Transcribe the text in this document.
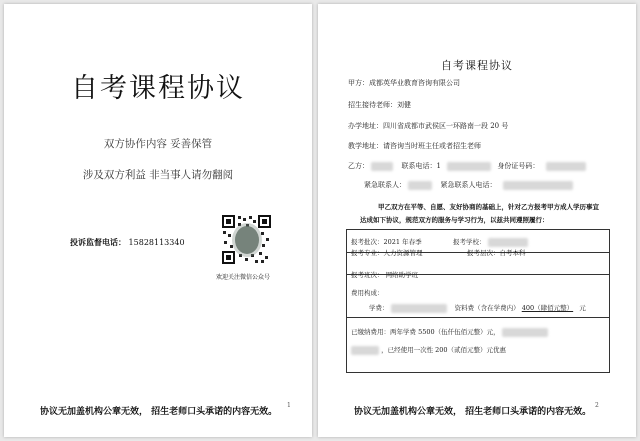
自考课程协议
双方协作内容 妥善保管
涉及双方利益 非当事人请勿翻阅
投诉监督电话： 15828113340
欢迎关注微信公众号
协议无加盖机构公章无效， 招生老师口头承诺的内容无效。
1
自考课程协议
甲方：成都英华业教育咨询有限公司
招生接待老师：刘健
办学地址：四川省成都市武侯区一环路南一段 20 号
教学地址：请咨询当时班主任或者招生老师
乙方：	联系电话：1	身份证号码：
紧急联系人：	紧急联系人电话：
甲乙双方在平等、自愿、友好协商的基础上，针对乙方报考甲方成人学历事宜达成如下协议，规范双方的服务与学习行为，以兹共同遵照履行：
报考批次：2021 年春季	报考学校：
报考专业：人力资源管理	报考层次：自考本科
报考班次： 网络助学班
费用构成：
学费：	资料费（含在学费内） 400（肆佰元整） 元
已缴纳费用：两年学费 5500（伍仟伍佰元整）元，
，已经使用一次性 200（贰佰元整）元优惠
协议无加盖机构公章无效， 招生老师口头承诺的内容无效。
2
